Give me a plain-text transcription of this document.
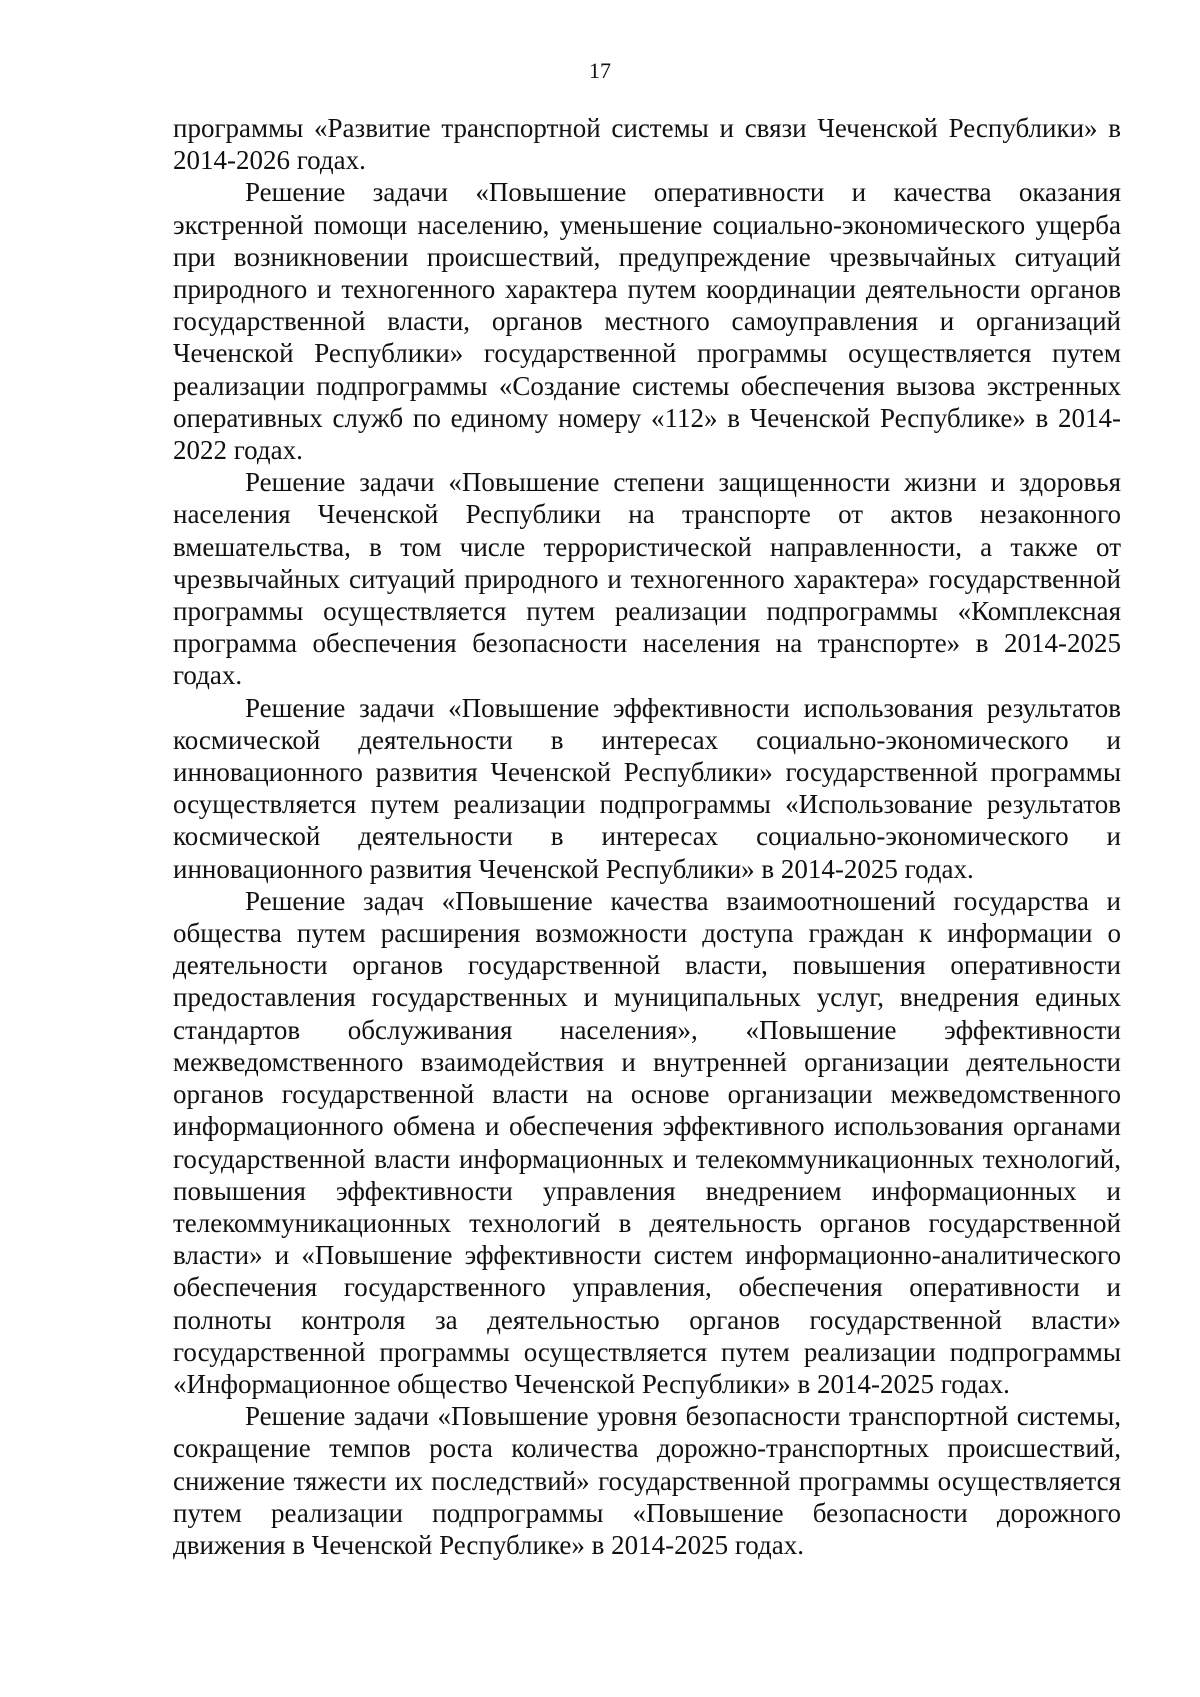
17

программы «Развитие транспортной системы и связи Чеченской Республики» в 2014-2026 годах.

Решение задачи «Повышение оперативности и качества оказания экстренной помощи населению, уменьшение социально-экономического ущерба при возникновении происшествий, предупреждение чрезвычайных ситуаций природного и техногенного характера путем координации деятельности органов государственной власти, органов местного самоуправления и организаций Чеченской Республики» государственной программы осуществляется путем реализации подпрограммы «Создание системы обеспечения вызова экстренных оперативных служб по единому номеру «112» в Чеченской Республике» в 2014-2022 годах.

Решение задачи «Повышение степени защищенности жизни и здоровья населения Чеченской Республики на транспорте от актов незаконного вмешательства, в том числе террористической направленности, а также от чрезвычайных ситуаций природного и техногенного характера» государственной программы осуществляется путем реализации подпрограммы «Комплексная программа обеспечения безопасности населения на транспорте» в 2014-2025 годах.

Решение задачи «Повышение эффективности использования результатов космической деятельности в интересах социально-экономического и инновационного развития Чеченской Республики» государственной программы осуществляется путем реализации подпрограммы «Использование результатов космической деятельности в интересах социально-экономического и инновационного развития Чеченской Республики» в 2014-2025 годах.

Решение задач «Повышение качества взаимоотношений государства и общества путем расширения возможности доступа граждан к информации о деятельности органов государственной власти, повышения оперативности предоставления государственных и муниципальных услуг, внедрения единых стандартов обслуживания населения», «Повышение эффективности межведомственного взаимодействия и внутренней организации деятельности органов государственной власти на основе организации межведомственного информационного обмена и обеспечения эффективного использования органами государственной власти информационных и телекоммуникационных технологий, повышения эффективности управления внедрением информационных и телекоммуникационных технологий в деятельность органов государственной власти» и «Повышение эффективности систем информационно-аналитического обеспечения государственного управления, обеспечения оперативности и полноты контроля за деятельностью органов государственной власти» государственной программы осуществляется путем реализации подпрограммы «Информационное общество Чеченской Республики» в 2014-2025 годах.

Решение задачи «Повышение уровня безопасности транспортной системы, сокращение темпов роста количества дорожно-транспортных происшествий, снижение тяжести их последствий» государственной программы осуществляется путем реализации подпрограммы «Повышение безопасности дорожного движения в Чеченской Республике» в 2014-2025 годах.
